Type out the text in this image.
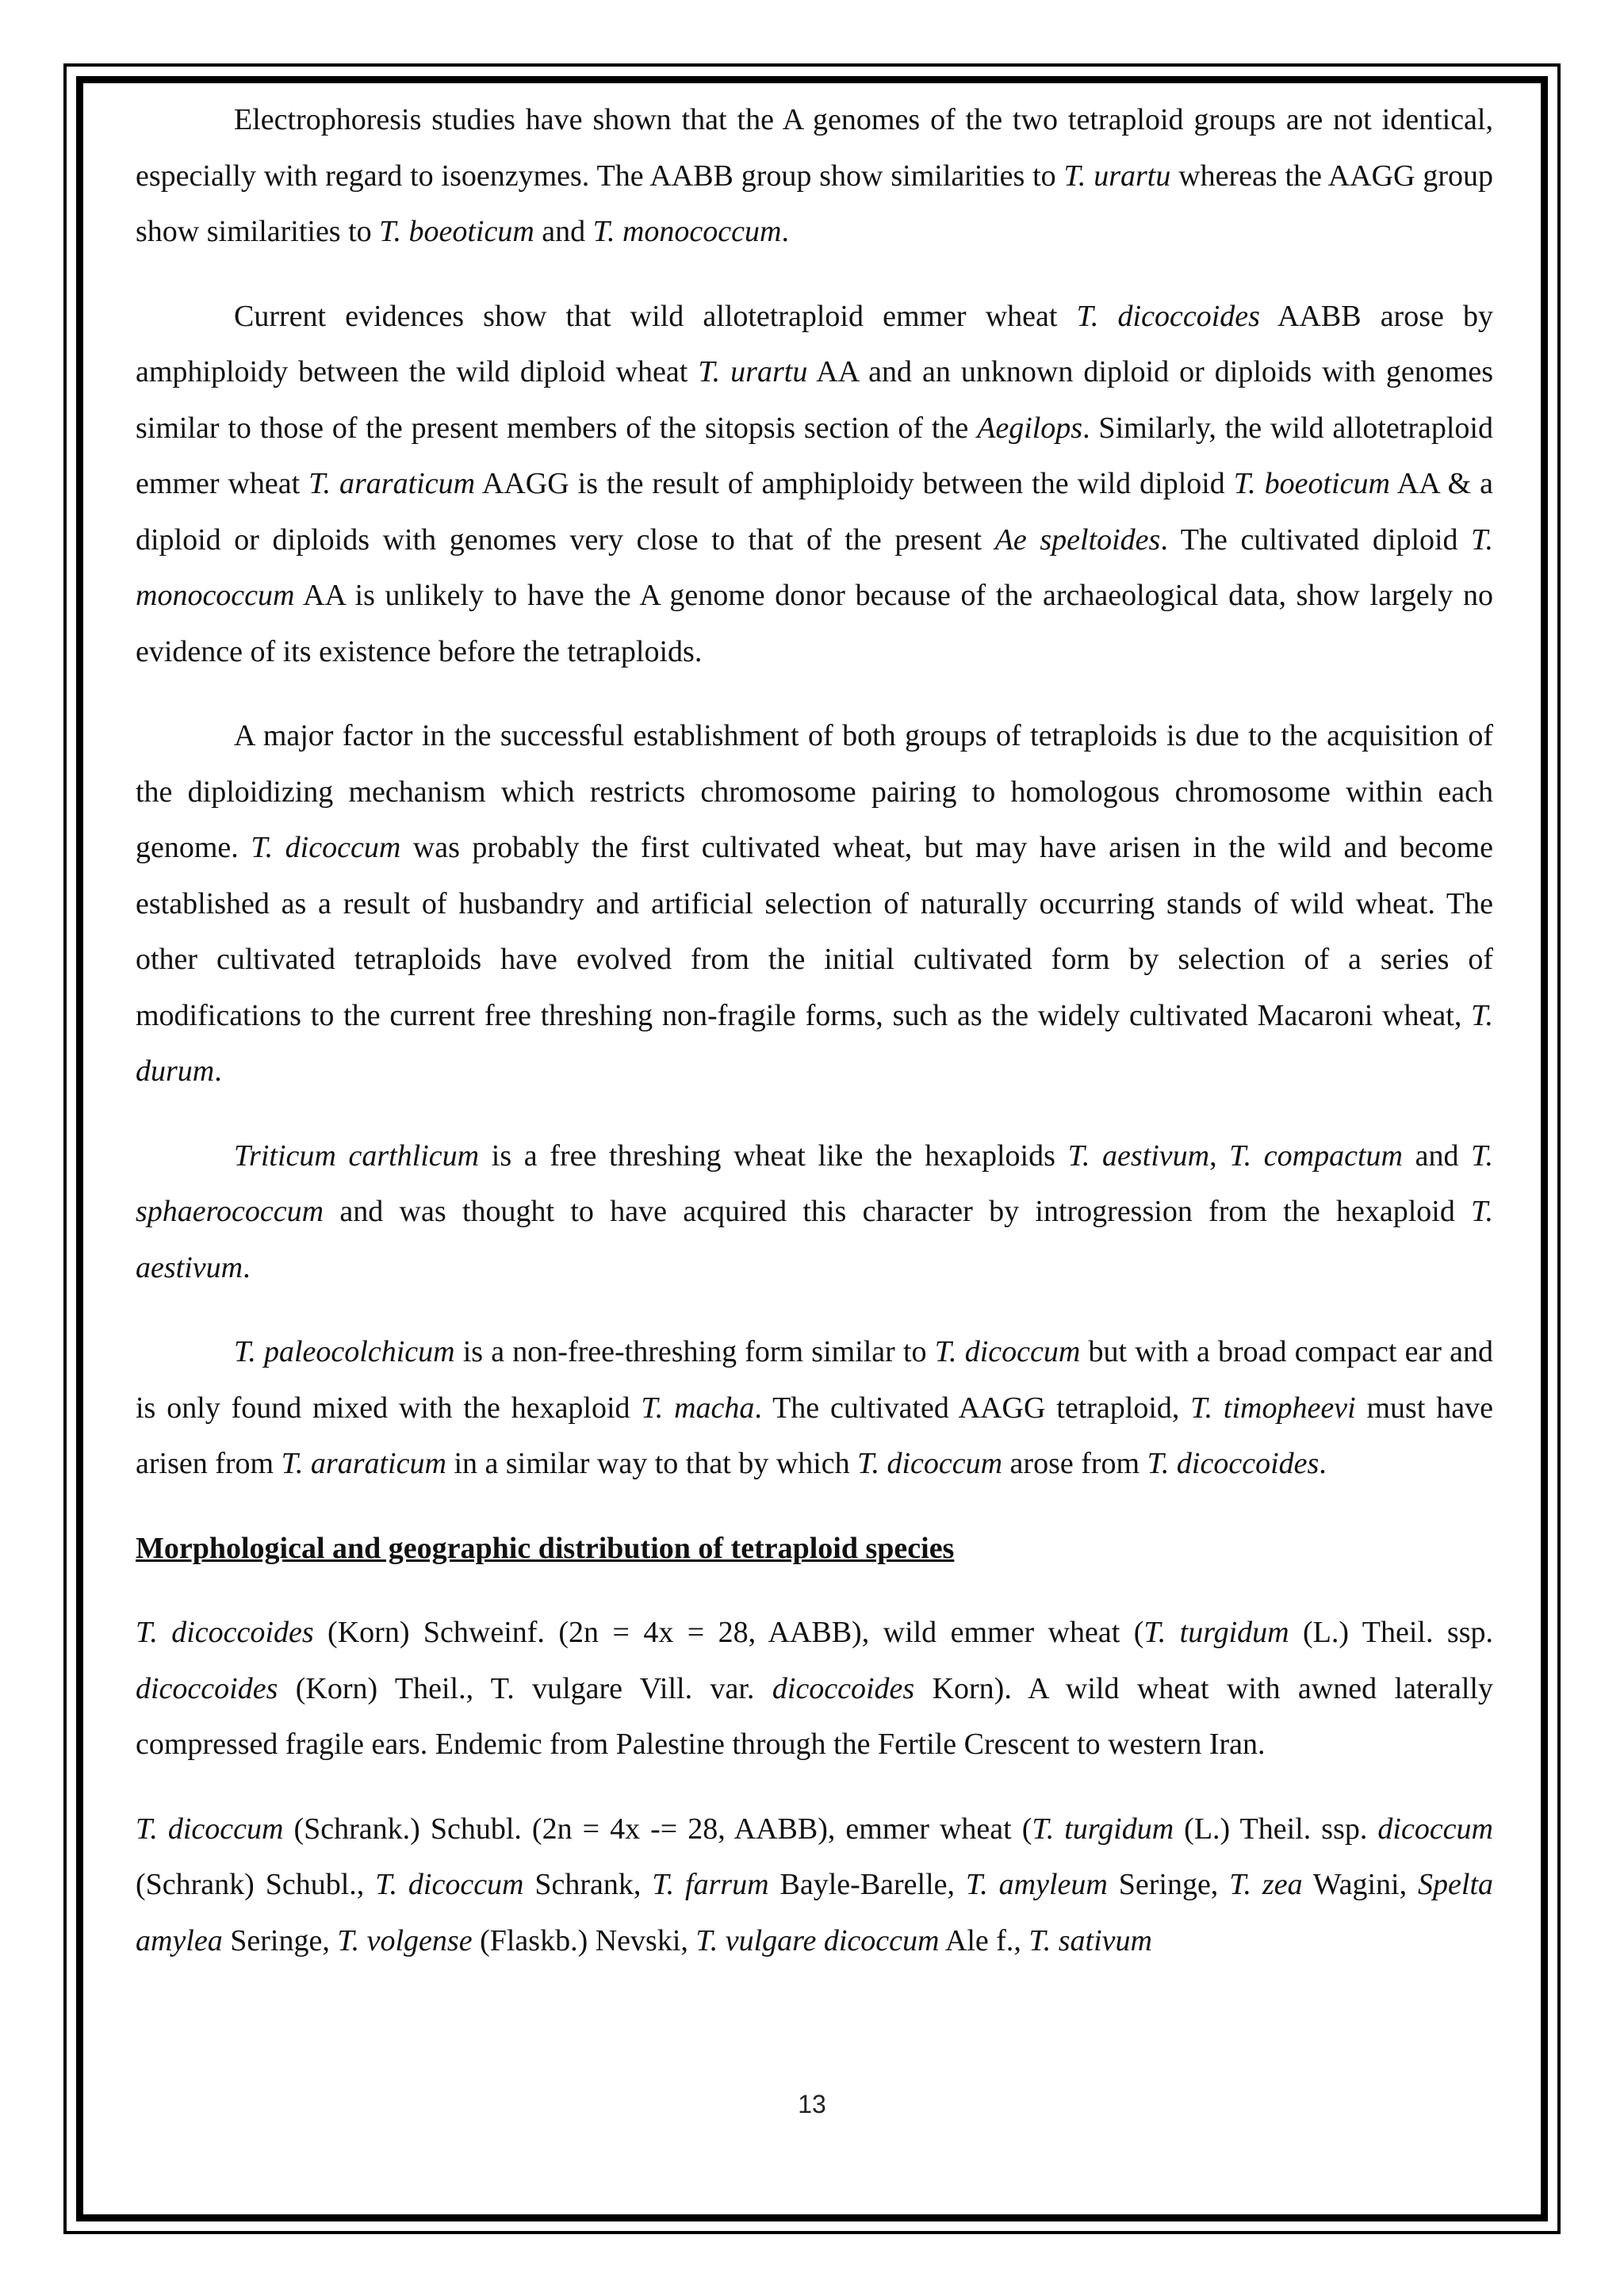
Electrophoresis studies have shown that the A genomes of the two tetraploid groups are not identical, especially with regard to isoenzymes. The AABB group show similarities to T. urartu whereas the AAGG group show similarities to T. boeoticum and T. monococcum.

Current evidences show that wild allotetraploid emmer wheat T. dicoccoides AABB arose by amphiploidy between the wild diploid wheat T. urartu AA and an unknown diploid or diploids with genomes similar to those of the present members of the sitopsis section of the Aegilops. Similarly, the wild allotetraploid emmer wheat T. araraticum AAGG is the result of amphiploidy between the wild diploid T. boeoticum AA & a diploid or diploids with genomes very close to that of the present Ae speltoides. The cultivated diploid T. monococcum AA is unlikely to have the A genome donor because of the archaeological data, show largely no evidence of its existence before the tetraploids.

A major factor in the successful establishment of both groups of tetraploids is due to the acquisition of the diploidizing mechanism which restricts chromosome pairing to homologous chromosome within each genome. T. dicoccum was probably the first cultivated wheat, but may have arisen in the wild and become established as a result of husbandry and artificial selection of naturally occurring stands of wild wheat. The other cultivated tetraploids have evolved from the initial cultivated form by selection of a series of modifications to the current free threshing non-fragile forms, such as the widely cultivated Macaroni wheat, T. durum.

Triticum carthlicum is a free threshing wheat like the hexaploids T. aestivum, T. compactum and T. sphaerococcum and was thought to have acquired this character by introgression from the hexaploid T. aestivum.

T. paleocolchicum is a non-free-threshing form similar to T. dicoccum but with a broad compact ear and is only found mixed with the hexaploid T. macha. The cultivated AAGG tetraploid, T. timopheevi must have arisen from T. araraticum in a similar way to that by which T. dicoccum arose from T. dicoccoides.

Morphological and geographic distribution of tetraploid species

T. dicoccoides (Korn) Schweinf. (2n = 4x = 28, AABB), wild emmer wheat (T. turgidum (L.) Theil. ssp. dicoccoides (Korn) Theil., T. vulgare Vill. var. dicoccoides Korn). A wild wheat with awned laterally compressed fragile ears. Endemic from Palestine through the Fertile Crescent to western Iran.

T. dicoccum (Schrank.) Schubl. (2n = 4x -= 28, AABB), emmer wheat (T. turgidum (L.) Theil. ssp. dicoccum (Schrank) Schubl., T. dicoccum Schrank, T. farrum Bayle-Barelle, T. amyleum Seringe, T. zea Wagini, Spelta amylea Seringe, T. volgense (Flaskb.) Nevski, T. vulgare dicoccum Ale f., T. sativum

13
